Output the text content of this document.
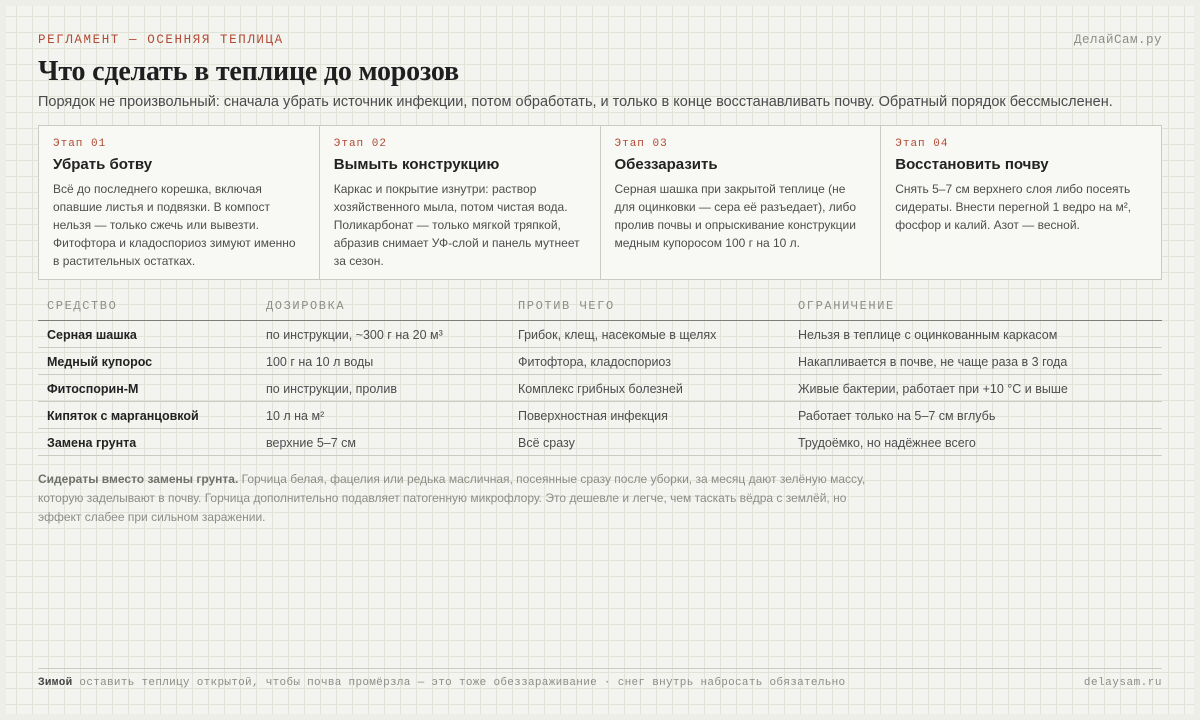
РЕГЛАМЕНТ — ОСЕННЯЯ ТЕПЛИЦА	ДелайСам.ру
Что сделать в теплице до морозов
Порядок не произвольный: сначала убрать источник инфекции, потом обработать, и только в конце восстанавливать почву. Обратный порядок бессмысленен.
Этап 01
Убрать ботву
Всё до последнего корешка, включая опавшие листья и подвязки. В компост нельзя — только сжечь или вывезти. Фитофтора и кладоспориоз зимуют именно в растительных остатках.
Этап 02
Вымыть конструкцию
Каркас и покрытие изнутри: раствор хозяйственного мыла, потом чистая вода. Поликарбонат — только мягкой тряпкой, абразив снимает УФ-слой и панель мутнеет за сезон.
Этап 03
Обеззаразить
Серная шашка при закрытой теплице (не для оцинковки — сера её разъедает), либо пролив почвы и опрыскивание конструкции медным купоросом 100 г на 10 л.
Этап 04
Восстановить почву
Снять 5–7 см верхнего слоя либо посеять сидераты. Внести перегной 1 ведро на м², фосфор и калий. Азот — весной.
СРЕДСТВО	ДОЗИРОВКА	ПРОТИВ ЧЕГО	ОГРАНИЧЕНИЕ
Серная шашка	по инструкции, ~300 г на 20 м³	Грибок, клещ, насекомые в щелях	Нельзя в теплице с оцинкованным каркасом
Медный купорос	100 г на 10 л воды	Фитофтора, кладоспориоз	Накапливается в почве, не чаще раза в 3 года
Фитоспорин-М	по инструкции, пролив	Комплекс грибных болезней	Живые бактерии, работает при +10 °С и выше
Кипяток с марганцовкой	10 л на м²	Поверхностная инфекция	Работает только на 5–7 см вглубь
Замена грунта	верхние 5–7 см	Всё сразу	Трудоёмко, но надёжнее всего
Сидераты вместо замены грунта. Горчица белая, фацелия или редька масличная, посеянные сразу после уборки, за месяц дают зелёную массу, которую заделывают в почву. Горчица дополнительно подавляет патогенную микрофлору. Это дешевле и легче, чем таскать вёдра с землёй, но эффект слабее при сильном заражении.
Зимой оставить теплицу открытой, чтобы почва промёрзла — это тоже обеззараживание · снег внутрь набросать обязательно	delaysam.ru
